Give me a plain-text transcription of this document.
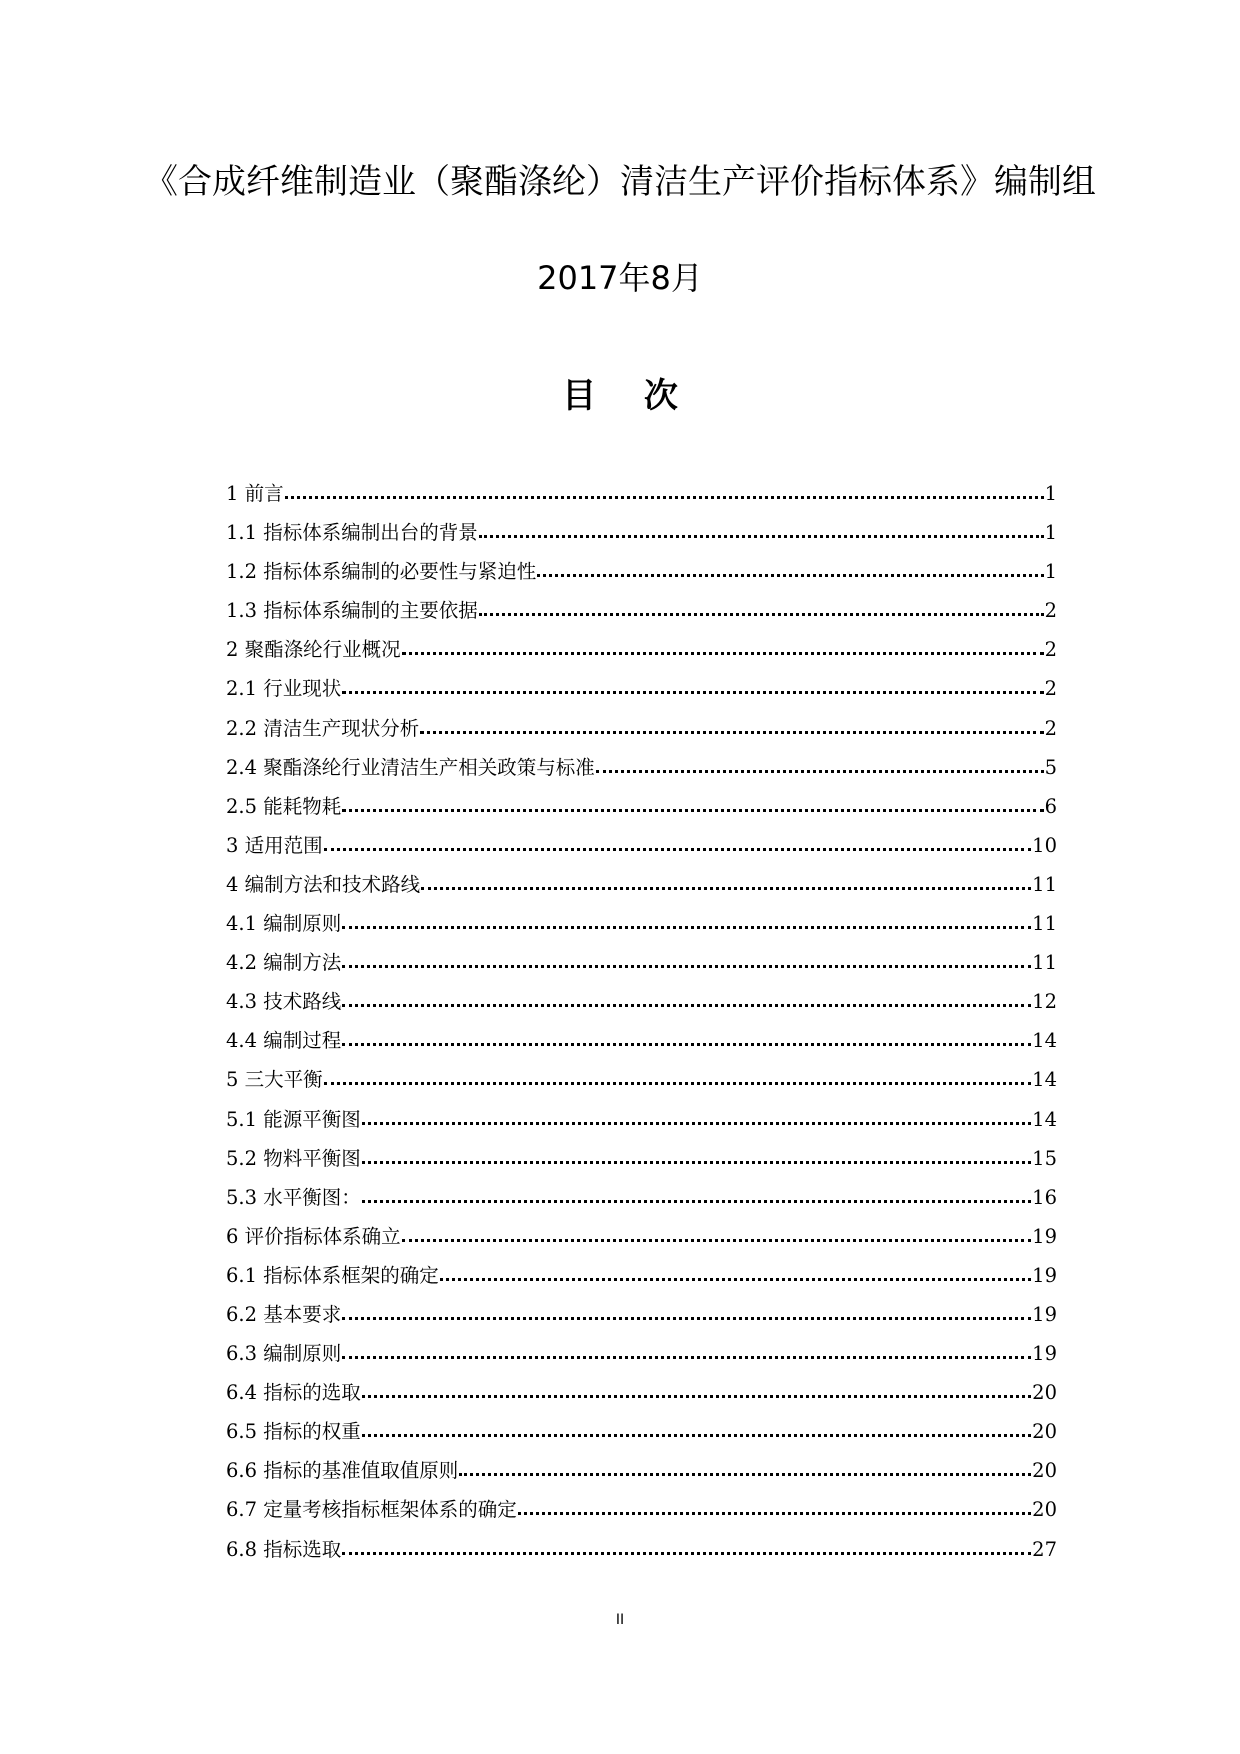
《合成纤维制造业（聚酯涤纶）清洁生产评价指标体系》编制组
2017年8月
目 次
1 前言	1
1.1 指标体系编制出台的背景	1
1.2 指标体系编制的必要性与紧迫性	1
1.3 指标体系编制的主要依据	2
2 聚酯涤纶行业概况	2
2.1 行业现状	2
2.2 清洁生产现状分析	2
2.4 聚酯涤纶行业清洁生产相关政策与标准	5
2.5 能耗物耗	6
3 适用范围	10
4 编制方法和技术路线	11
4.1 编制原则	11
4.2 编制方法	11
4.3 技术路线	12
4.4 编制过程	14
5 三大平衡	14
5.1 能源平衡图	14
5.2 物料平衡图	15
5.3 水平衡图：	16
6 评价指标体系确立	19
6.1 指标体系框架的确定	19
6.2 基本要求	19
6.3 编制原则	19
6.4 指标的选取	20
6.5 指标的权重	20
6.6 指标的基准值取值原则	20
6.7 定量考核指标框架体系的确定	20
6.8 指标选取	27
II
